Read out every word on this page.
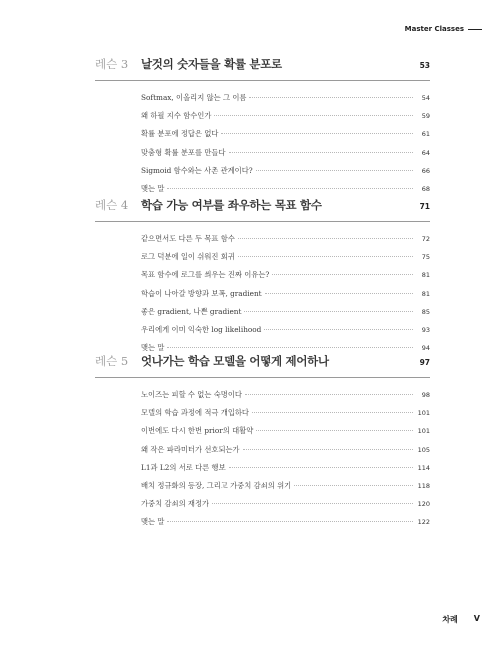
Master Classes
레슨 3	날것의 숫자들을 확률 분포로	53
Softmax, 이올리지 않는 그 이름	54
왜 하필 지수 함수인가	59
확률 분포에 정답은 없다	61
맞춤형 확률 분포를 만들다	64
Sigmoid 함수와는 사촌 관계이다?	66
맺는 말	68
레슨 4	학습 가능 여부를 좌우하는 목표 함수	71
같으면서도 다른 두 목표 함수	72
로그 덕분에 일이 쉬워진 회귀	75
목표 함수에 로그를 씌우는 진짜 이유는?	81
학습이 나아갈 방향과 보폭, gradient	81
좋은 gradient, 나쁜 gradient	85
우리에게 이미 익숙한 log likelihood	93
맺는 말	94
레슨 5	엇나가는 학습 모델을 어떻게 제어하나	97
노이즈는 피할 수 없는 숙명이다	98
모델의 학습 과정에 적극 개입하다	101
이번에도 다시 한번 prior의 대활약	101
왜 작은 파라미터가 선호되는가	105
L1과 L2의 서로 다른 행보	114
배치 정규화의 등장, 그리고 가중치 감쇠의 위기	118
가중치 감쇠의 재정가	120
맺는 말	122
차례 V
